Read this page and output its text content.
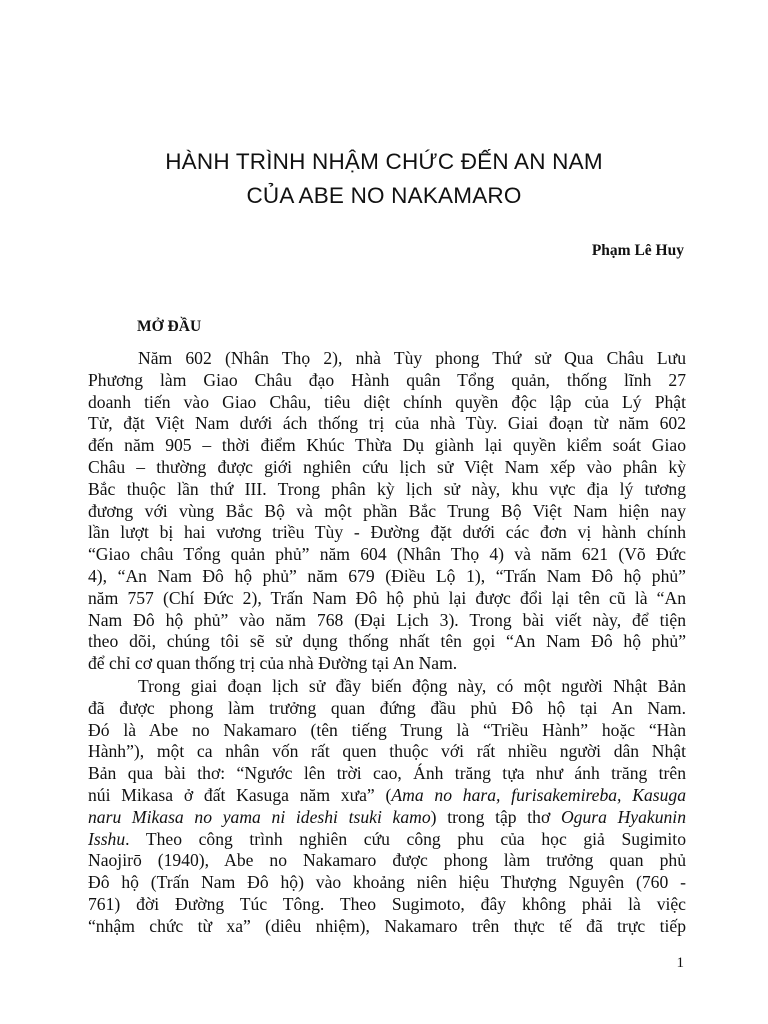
HÀNH TRÌNH NHẬM CHỨC ĐẾN AN NAM
CỦA ABE NO NAKAMARO
Phạm Lê Huy
MỞ ĐẦU
Năm 602 (Nhân Thọ 2), nhà Tùy phong Thứ sử Qua Châu Lưu
Phương làm Giao Châu đạo Hành quân Tổng quản, thống lĩnh 27
doanh tiến vào Giao Châu, tiêu diệt chính quyền độc lập của Lý Phật
Tử, đặt Việt Nam dưới ách thống trị của nhà Tùy. Giai đoạn từ năm 602
đến năm 905 – thời điểm Khúc Thừa Dụ giành lại quyền kiểm soát Giao
Châu – thường được giới nghiên cứu lịch sử Việt Nam xếp vào phân kỳ
Bắc thuộc lần thứ III. Trong phân kỳ lịch sử này, khu vực địa lý tương
đương với vùng Bắc Bộ và một phần Bắc Trung Bộ Việt Nam hiện nay
lần lượt bị hai vương triều Tùy - Đường đặt dưới các đơn vị hành chính
“Giao châu Tổng quản phủ” năm 604 (Nhân Thọ 4) và năm 621 (Võ Đức
4), “An Nam Đô hộ phủ” năm 679 (Điều Lộ 1), “Trấn Nam Đô hộ phủ”
năm 757 (Chí Đức 2), Trấn Nam Đô hộ phủ lại được đổi lại tên cũ là “An
Nam Đô hộ phủ” vào năm 768 (Đại Lịch 3). Trong bài viết này, để tiện
theo dõi, chúng tôi sẽ sử dụng thống nhất tên gọi “An Nam Đô hộ phủ”
để chỉ cơ quan thống trị của nhà Đường tại An Nam.
Trong giai đoạn lịch sử đầy biến động này, có một người Nhật Bản
đã được phong làm trưởng quan đứng đầu phủ Đô hộ tại An Nam.
Đó là Abe no Nakamaro (tên tiếng Trung là “Triều Hành” hoặc “Hàn
Hành”), một ca nhân vốn rất quen thuộc với rất nhiều người dân Nhật
Bản qua bài thơ: “Ngước lên trời cao, Ánh trăng tựa như ánh trăng trên
núi Mikasa ở đất Kasuga năm xưa” (Ama no hara, furisakemireba, Kasuga
naru Mikasa no yama ni ideshi tsuki kamo) trong tập thơ Ogura Hyakunin
Isshu. Theo công trình nghiên cứu công phu của học giả Sugimito
Naojirō (1940), Abe no Nakamaro được phong làm trưởng quan phủ
Đô hộ (Trấn Nam Đô hộ) vào khoảng niên hiệu Thượng Nguyên (760 -
761) đời Đường Túc Tông. Theo Sugimoto, đây không phải là việc
“nhậm chức từ xa” (diêu nhiệm), Nakamaro trên thực tế đã trực tiếp
1
